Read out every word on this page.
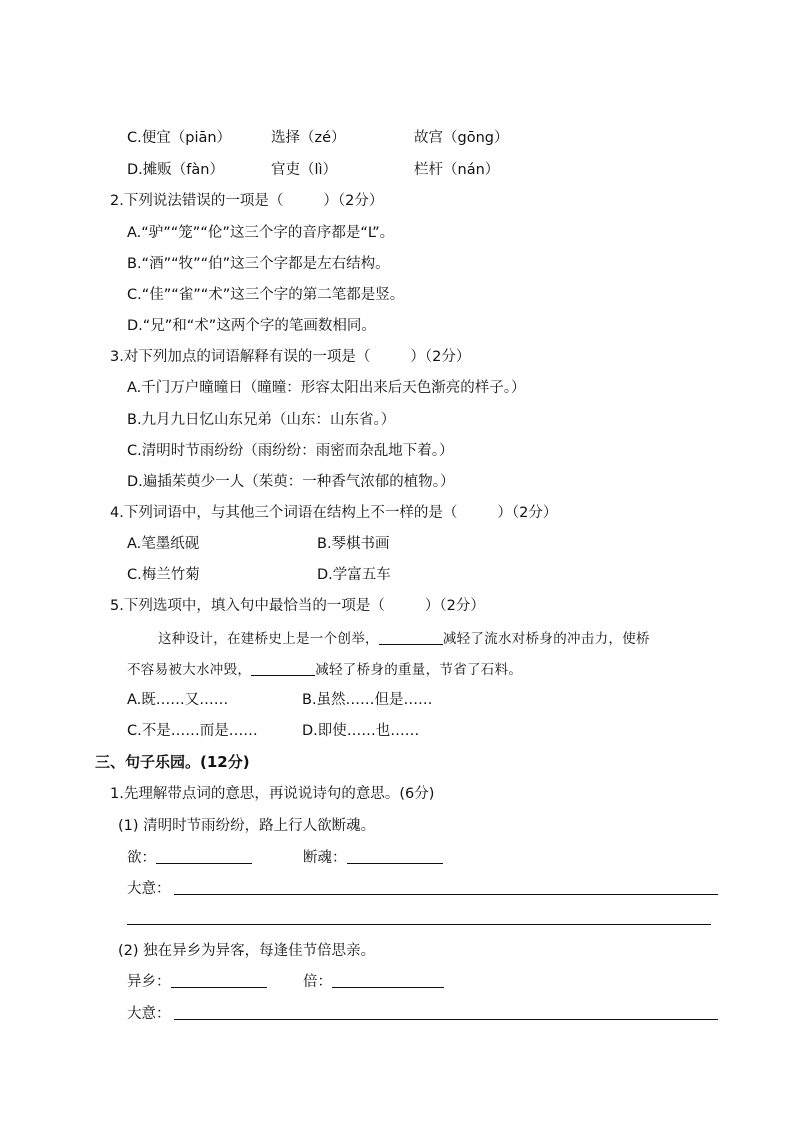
C.便宜（piān）	选择（zé）	故宫（gōng）
D.摊贩（fàn）	官吏（lì）	栏杆（nán）
2.下列说法错误的一项是（	）（2分）
A.“驴”“笼”“伦”这三个字的音序都是“L”。
B.“酒”“牧”“伯”这三个字都是左右结构。
C.“佳”“雀”“术”这三个字的第二笔都是竖。
D.“兄”和“术”这两个字的笔画数相同。
3.对下列加点的词语解释有误的一项是（	）（2分）
A.千门万户曈曈日（曈曈：形容太阳出来后天色渐亮的样子。）
B.九月九日忆山东兄弟（山东：山东省。）
C.清明时节雨纷纷（雨纷纷：雨密而杂乱地下着。）
D.遍插茱萸少一人（茱萸：一种香气浓郁的植物。）
4.下列词语中，与其他三个词语在结构上不一样的是（	）（2分）
A.笔墨纸砚	B.琴棋书画
C.梅兰竹菊	D.学富五车
5.下列选项中，填入句中最恰当的一项是（	）（2分）
这种设计，在建桥史上是一个创举，	减轻了流水对桥身的冲击力，使桥
不容易被大水冲毁，	减轻了桥身的重量，节省了石料。
A.既……又……	B.虽然……但是……
C.不是……而是……	D.即使……也……
三、句子乐园。(12分)
1.先理解带点词的意思，再说说诗句的意思。(6分)
(1) 清明时节雨纷纷，路上行人欲断魂。
欲：	断魂：
大意：
(2) 独在异乡为异客，每逢佳节倍思亲。
异乡：	倍：
大意：
